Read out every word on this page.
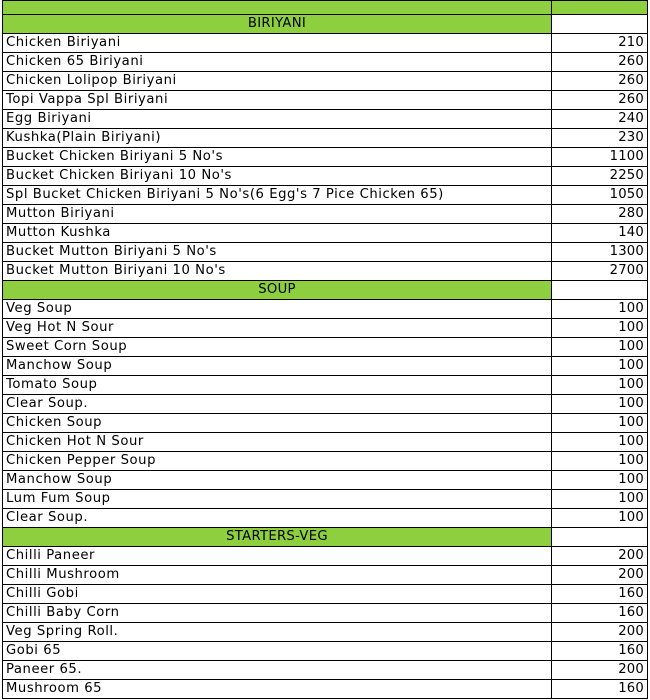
BIRIYANI	
Chicken Biriyani	210
Chicken 65 Biriyani	260
Chicken Lolipop Biriyani	260
Topi Vappa Spl Biriyani	260
Egg Biriyani	240
Kushka(Plain Biriyani)	230
Bucket Chicken Biriyani 5 No's	1100
Bucket Chicken Biriyani 10 No's	2250
Spl Bucket Chicken Biriyani 5 No's(6 Egg's 7 Pice Chicken 65)	1050
Mutton Biriyani	280
Mutton Kushka	140
Bucket Mutton Biriyani 5 No's	1300
Bucket Mutton Biriyani 10 No's	2700
SOUP	
Veg Soup	100
Veg Hot N Sour	100
Sweet Corn Soup	100
Manchow Soup	100
Tomato Soup	100
Clear Soup.	100
Chicken Soup	100
Chicken Hot N Sour	100
Chicken Pepper Soup	100
Manchow Soup	100
Lum Fum Soup	100
Clear Soup.	100
STARTERS-VEG	
Chilli Paneer	200
Chilli Mushroom	200
Chilli Gobi	160
Chilli Baby Corn	160
Veg Spring Roll.	200
Gobi 65	160
Paneer 65.	200
Mushroom 65	160
